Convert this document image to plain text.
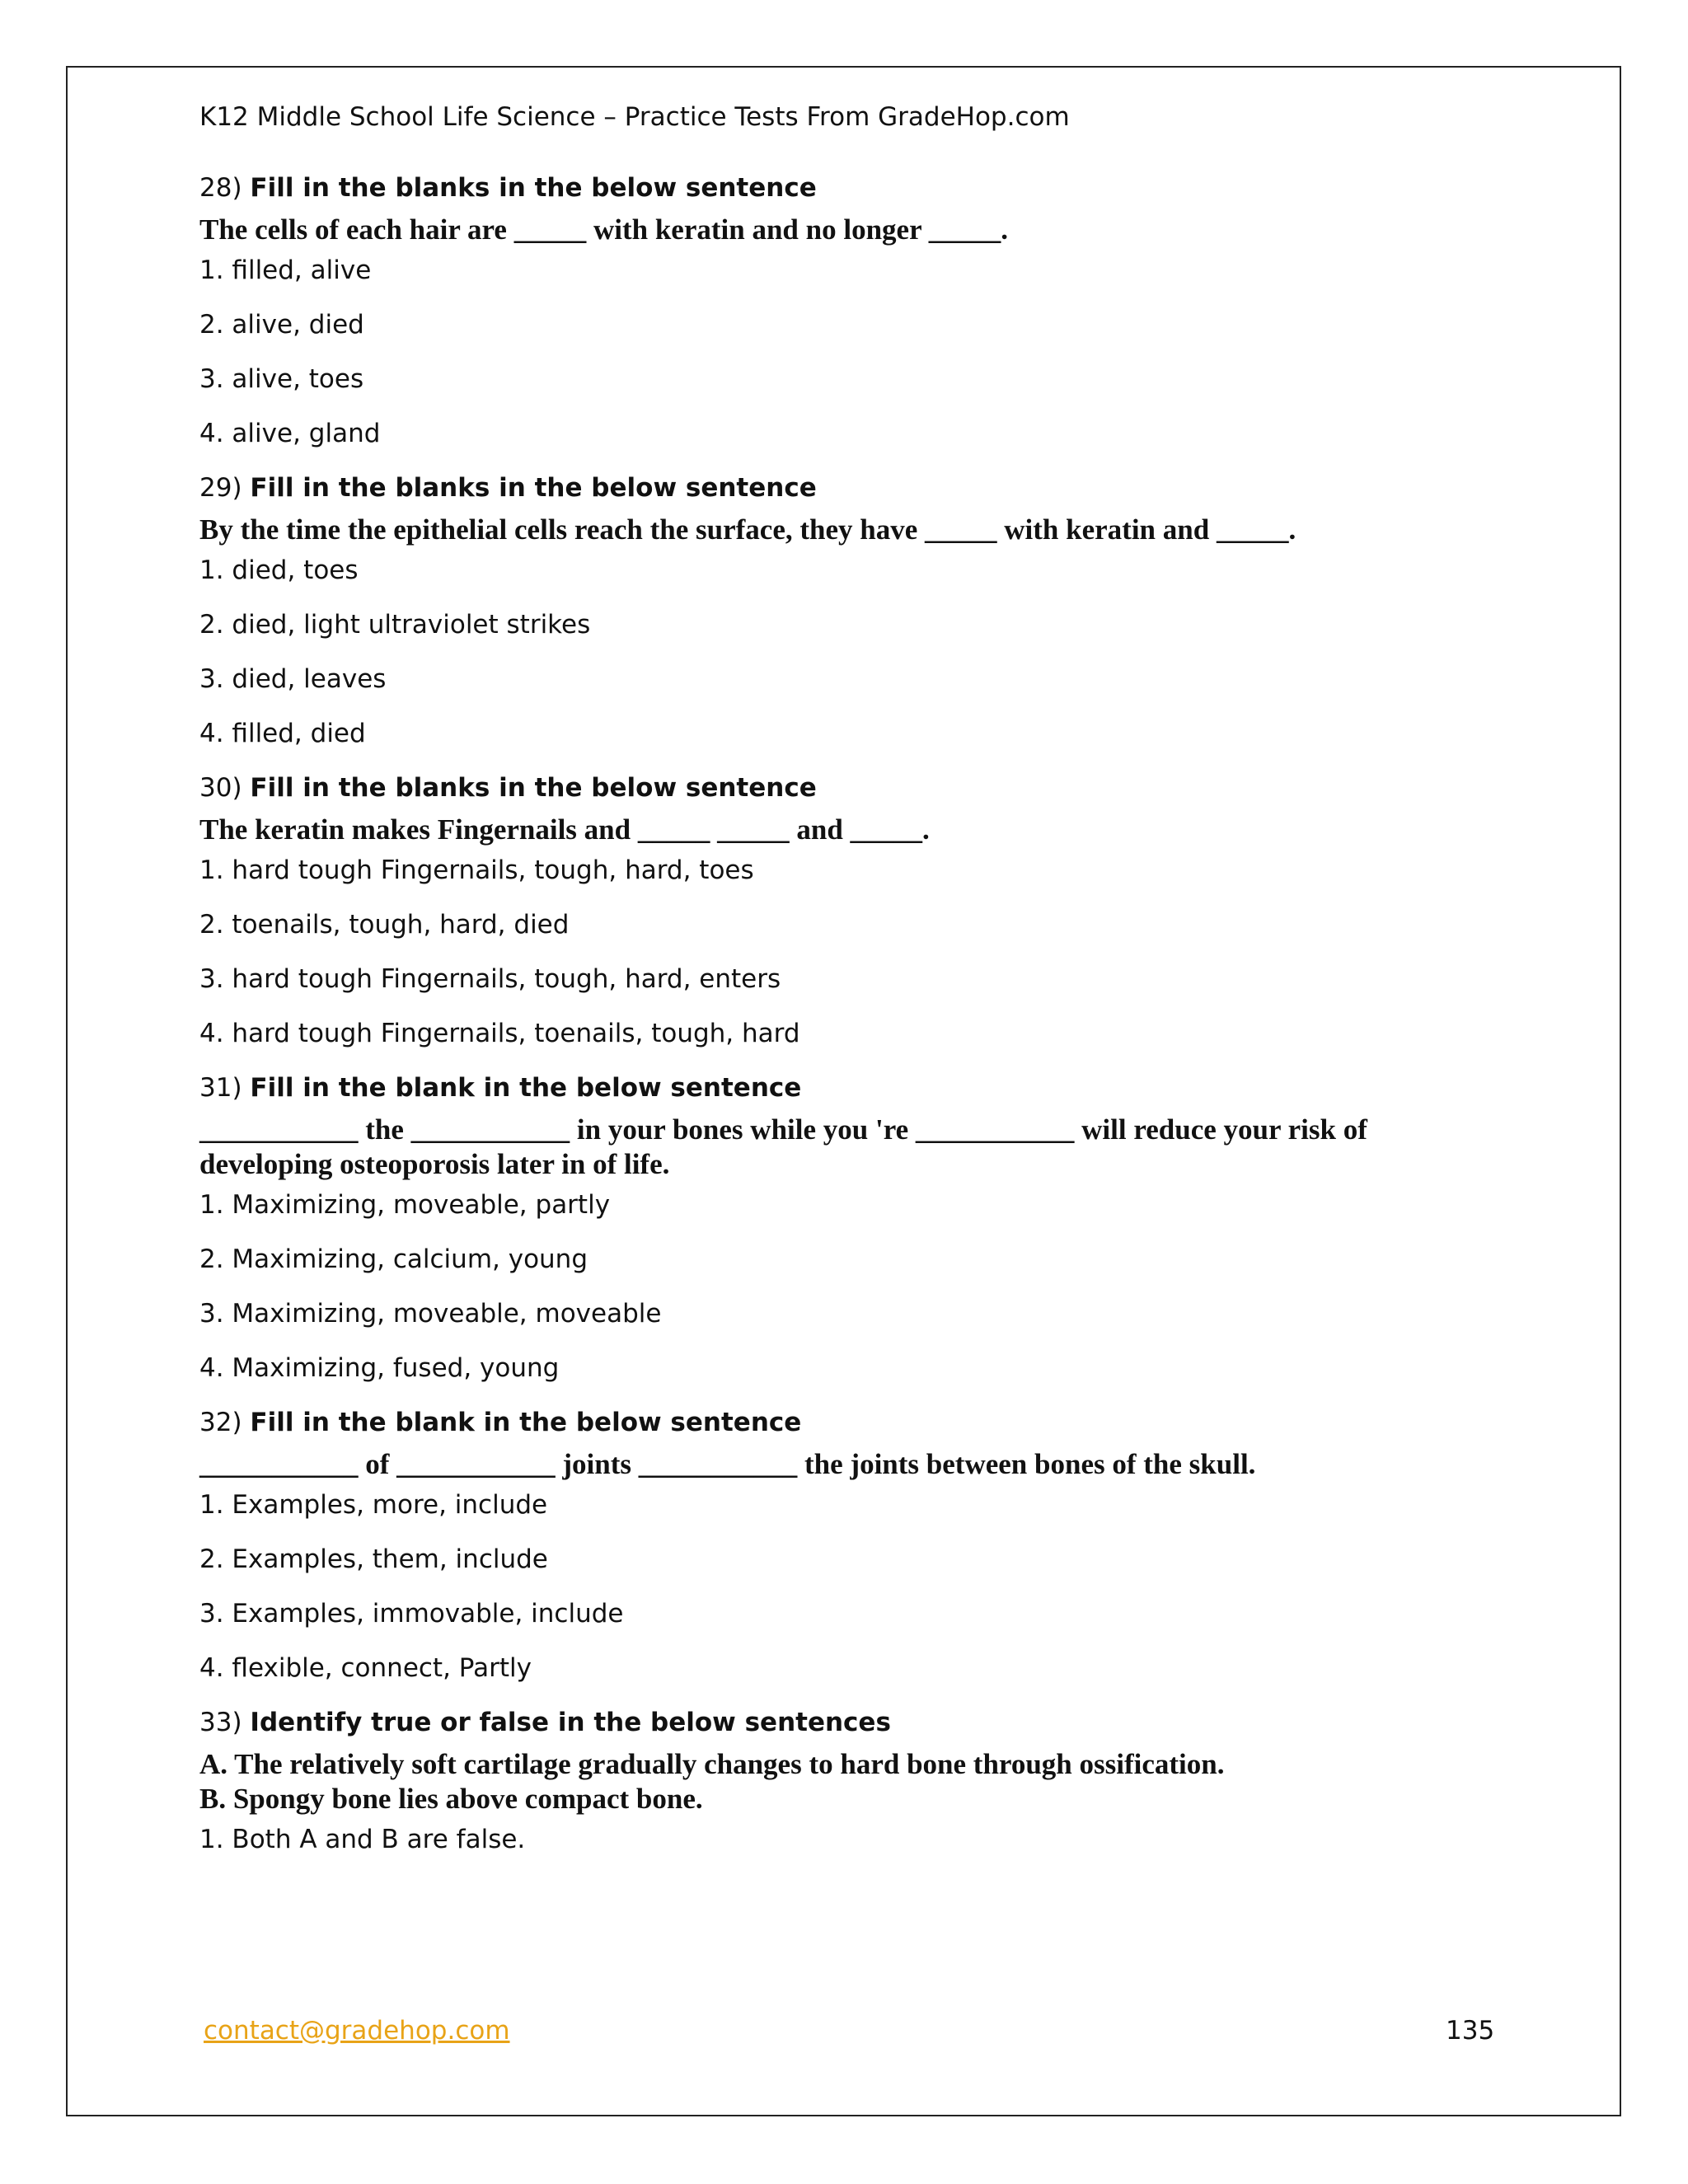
K12 Middle School Life Science – Practice Tests From GradeHop.com
28) Fill in the blanks in the below sentence
The cells of each hair are _____ with keratin and no longer _____.
1. filled, alive
2. alive, died
3. alive, toes
4. alive, gland
29) Fill in the blanks in the below sentence
By the time the epithelial cells reach the surface, they have _____ with keratin and _____.
1. died, toes
2. died, light ultraviolet strikes
3. died, leaves
4. filled, died
30) Fill in the blanks in the below sentence
The keratin makes Fingernails and _____ _____ and _____.
1. hard tough Fingernails, tough, hard, toes
2. toenails, tough, hard, died
3. hard tough Fingernails, tough, hard, enters
4. hard tough Fingernails, toenails, tough, hard
31) Fill in the blank in the below sentence
___________ the ___________ in your bones while you 're ___________ will reduce your risk of
developing osteoporosis later in of life.
1. Maximizing, moveable, partly
2. Maximizing, calcium, young
3. Maximizing, moveable, moveable
4. Maximizing, fused, young
32) Fill in the blank in the below sentence
___________ of ___________ joints ___________ the joints between bones of the skull.
1. Examples, more, include
2. Examples, them, include
3. Examples, immovable, include
4. flexible, connect, Partly
33) Identify true or false in the below sentences
A. The relatively soft cartilage gradually changes to hard bone through ossification.
B. Spongy bone lies above compact bone.
1. Both A and B are false.
contact@gradehop.com	135
